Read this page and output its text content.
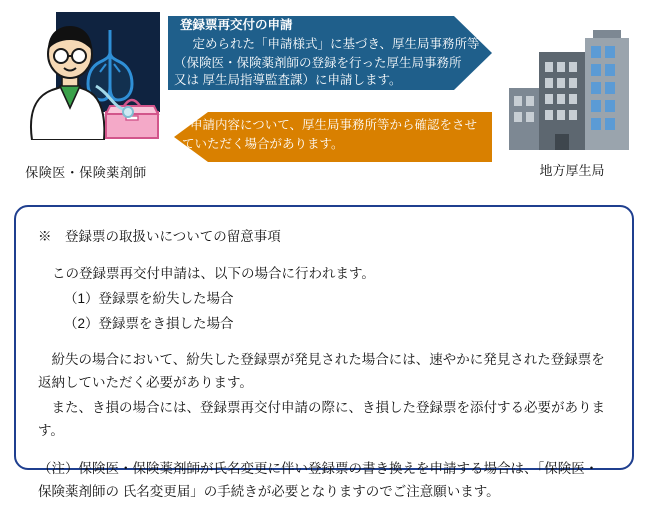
保険医・保険薬剤師
登録票再交付の申請
　定められた「申請様式」に基づき、厚生局事務所等
（保険医・保険薬剤師の登録を行った厚生局事務所
又は 厚生局指導監査課）に申請します。
申請内容について、厚生局事務所等から確認をさせ
ていただく場合があります。
地方厚生局
※　登録票の取扱いについての留意事項
この登録票再交付申請は、以下の場合に行われます。
（1）登録票を紛失した場合
（2）登録票をき損した場合
　紛失の場合において、紛失した登録票が発見された場合には、速やかに発見された登録票を返納していただく必要があります。
　また、き損の場合には、登録票再交付申請の際に、き損した登録票を添付する必要があります。
（注）保険医・保険薬剤師が氏名変更に伴い登録票の書き換えを申請する場合は、「保険医・保険薬剤師の 氏名変更届」の手続きが必要となりますのでご注意願います。
